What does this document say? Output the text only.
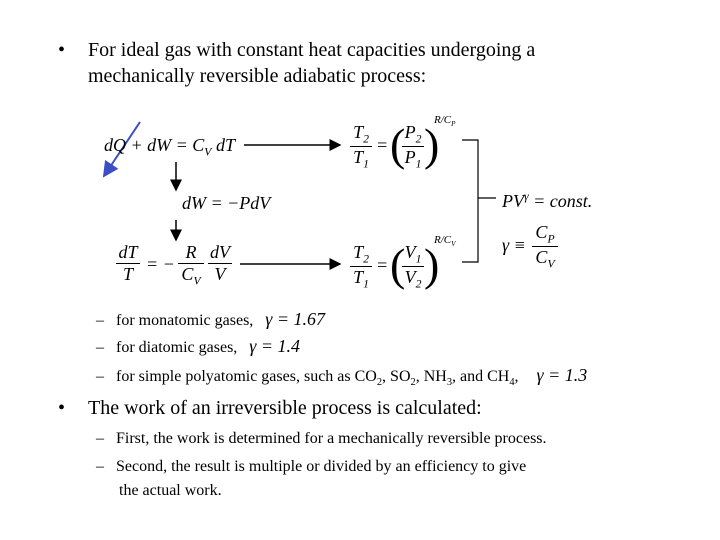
• For ideal gas with constant heat capacities undergoing a
mechanically reversible adiabatic process:
dQ + dW = $C_V$ dT
dW = −PdV
dT
T = −
R
$C_V$
dV
V
$T_2$
$T_1$
= ( $P_2$
$P_1$ )
$R/C_P$
$T_2$
$T_1$
= ( $V_1$
$V_2$ )
$R/C_V$
$PV^\gamma$ = const.
γ ≡
$C_P$
$C_V$
– for monatomic gases, γ = 1.67
– for diatomic gases, γ = 1.4
– for simple polyatomic gases, such as $CO_2$, $SO_2$, $NH_3$, and $CH_4$, γ = 1.3
• The work of an irreversible process is calculated:
– First, the work is determined for a mechanically reversible process.
– Second, the result is multiple or divided by an efficiency to give
the actual work.
